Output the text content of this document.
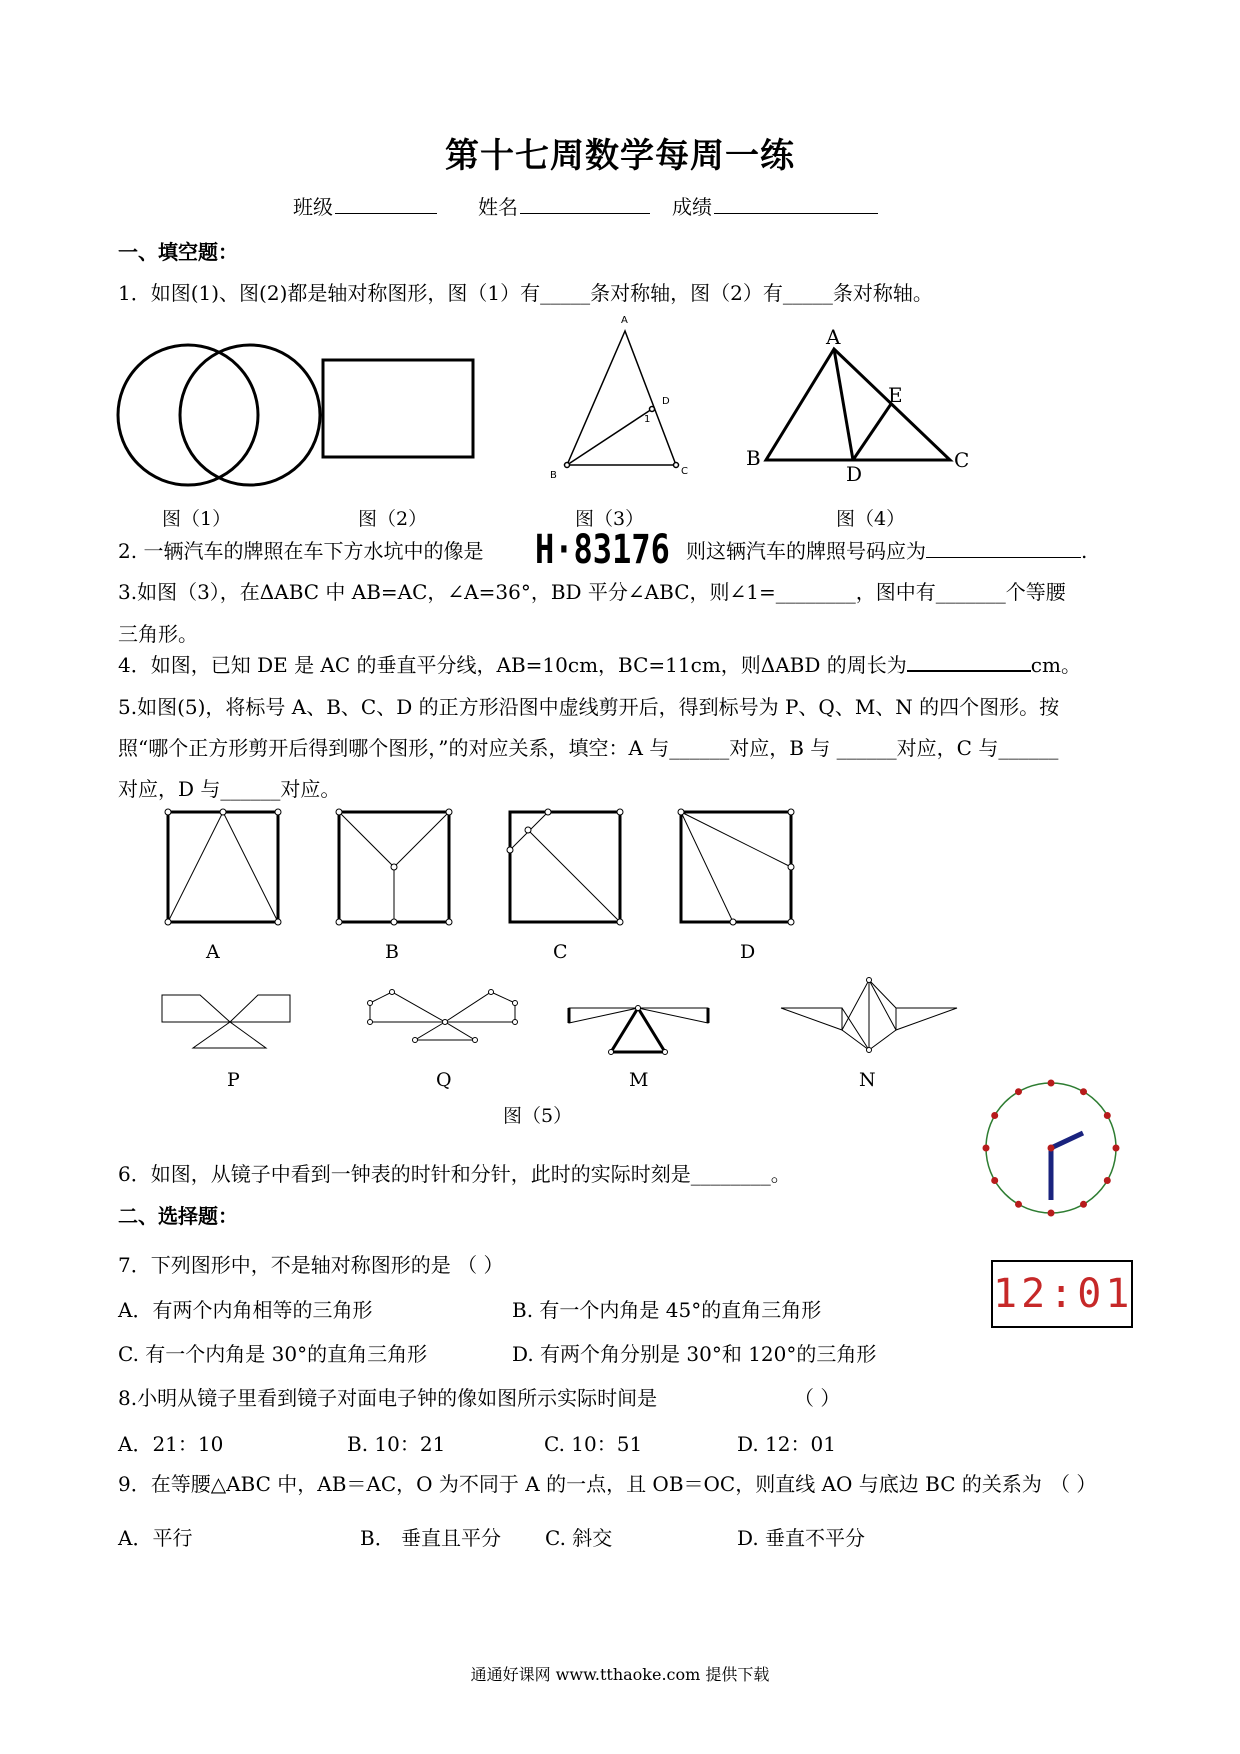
第十七周数学每周一练
班级	姓名	成绩
一、填空题：
1．如图(1)、图(2)都是轴对称图形，图（1）有_____条对称轴，图（2）有_____条对称轴。
A
D
1
B	C
A
E
B	C
D
图（1）	图（2）	图（3）	图（4）
2. 一辆汽车的牌照在车下方水坑中的像是 H·83176 则这辆汽车的牌照号码应为	.
3.如图（3），在ΔABC 中 AB=AC，∠A=36°，BD 平分∠ABC，则∠1=________，图中有_______个等腰
三角形。
4．如图，已知 DE 是 AC 的垂直平分线，AB=10cm，BC=11cm，则ΔABD 的周长为	cm。
5.如图(5)，将标号 A、B、C、D 的正方形沿图中虚线剪开后，得到标号为 P、Q、M、N 的四个图形。按
照“哪个正方形剪开后得到哪个图形，”的对应关系，填空：A 与______对应，B 与 ______对应，C 与______
对应，D 与______对应。
A	B	C	D
P	Q	M	N
图（5）
6．如图，从镜子中看到一钟表的时针和分针，此时的实际时刻是________。
二、选择题：
7．下列图形中，不是轴对称图形的是 （ ）
A．有两个内角相等的三角形	B. 有一个内角是 45°的直角三角形
C. 有一个内角是 30°的直角三角形	D. 有两个角分别是 30°和 120°的三角形
12:01
8.小明从镜子里看到镜子对面电子钟的像如图所示实际时间是	（ ）
A．21：10	B. 10：21	C. 10：51	D. 12：01
9．在等腰△ABC 中，AB＝AC，O 为不同于 A 的一点，且 OB＝OC，则直线 AO 与底边 BC 的关系为 （ ）
A．平行	B． 垂直且平分 C. 斜交	D. 垂直不平分
通通好课网 www.tthaoke.com 提供下载
